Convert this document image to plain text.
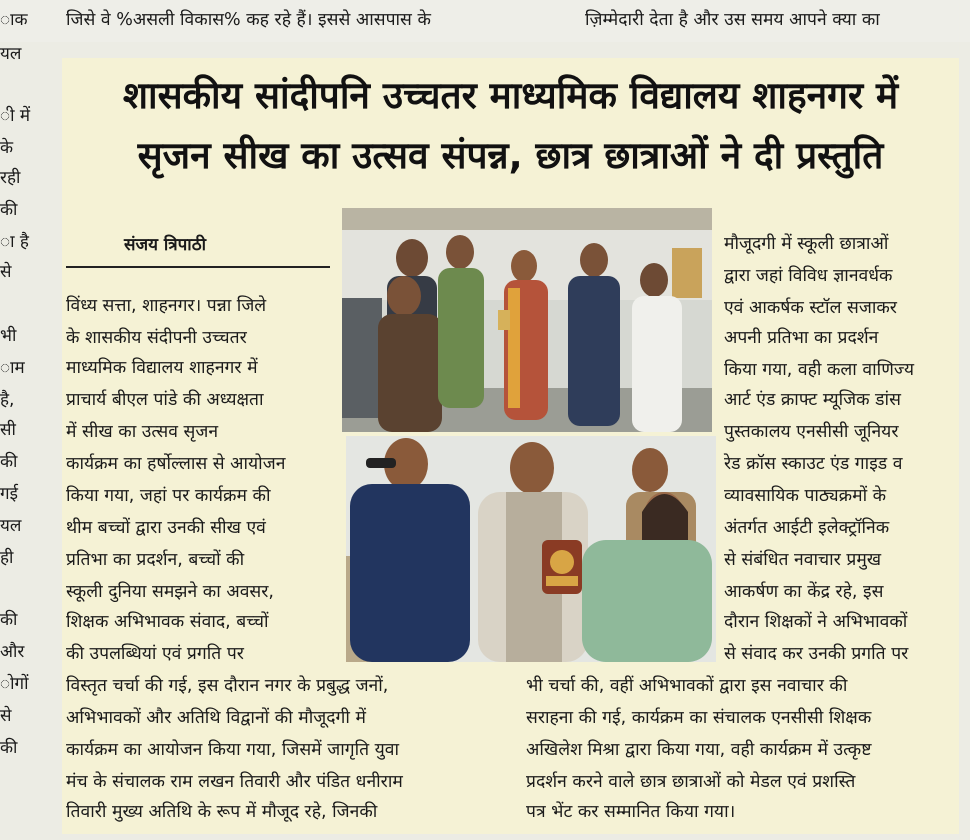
जिसे वे %असली विकास% कह रहे हैं। इससे आसपास के	ज़िम्मेदारी देता है और उस समय आपने क्या का
ाक
यल
ी में
के
रही
की
ा है
से
भी
ाम
है,
सी
की
गई
यल
ही
की
और
ोगों
से
की
शासकीय सांदीपनि उच्चतर माध्यमिक विद्यालय शाहनगर में
सृजन सीख का उत्सव संपन्न, छात्र छात्राओं ने दी प्रस्तुति
संजय त्रिपाठी
विंध्य सत्ता, शाहनगर। पन्ना जिले
के शासकीय संदीपनी उच्चतर
माध्यमिक विद्यालय शाहनगर में
प्राचार्य बीएल पांडे की अध्यक्षता
में सीख का उत्सव सृजन
कार्यक्रम का हर्षोल्लास से आयोजन
किया गया, जहां पर कार्यक्रम की
थीम बच्चों द्वारा उनकी सीख एवं
प्रतिभा का प्रदर्शन, बच्चों की
स्कूली दुनिया समझने का अवसर,
शिक्षक अभिभावक संवाद, बच्चों
की उपलब्धियां एवं प्रगति पर
मौजूदगी में स्कूली छात्राओं
द्वारा जहां विविध ज्ञानवर्धक
एवं आकर्षक स्टॉल सजाकर
अपनी प्रतिभा का प्रदर्शन
किया गया, वही कला वाणिज्य
आर्ट एंड क्राफ्ट म्यूजिक डांस
पुस्तकालय एनसीसी जूनियर
रेड क्रॉस स्काउट एंड गाइड व
व्यावसायिक पाठ्यक्रमों के
अंतर्गत आईटी इलेक्ट्रॉनिक
से संबंधित नवाचार प्रमुख
आकर्षण का केंद्र रहे, इस
दौरान शिक्षकों ने अभिभावकों
से संवाद कर उनकी प्रगति पर
विस्तृत चर्चा की गई, इस दौरान नगर के प्रबुद्ध जनों,
अभिभावकों और अतिथि विद्वानों की मौजूदगी में
कार्यक्रम का आयोजन किया गया, जिसमें जागृति युवा
मंच के संचालक राम लखन तिवारी और पंडित धनीराम
तिवारी मुख्य अतिथि के रूप में मौजूद रहे, जिनकी
भी चर्चा की, वहीं अभिभावकों द्वारा इस नवाचार की
सराहना की गई, कार्यक्रम का संचालक एनसीसी शिक्षक
अखिलेश मिश्रा द्वारा किया गया, वही कार्यक्रम में उत्कृष्ट
प्रदर्शन करने वाले छात्र छात्राओं को मेडल एवं प्रशस्ति
पत्र भेंट कर सम्मानित किया गया।
